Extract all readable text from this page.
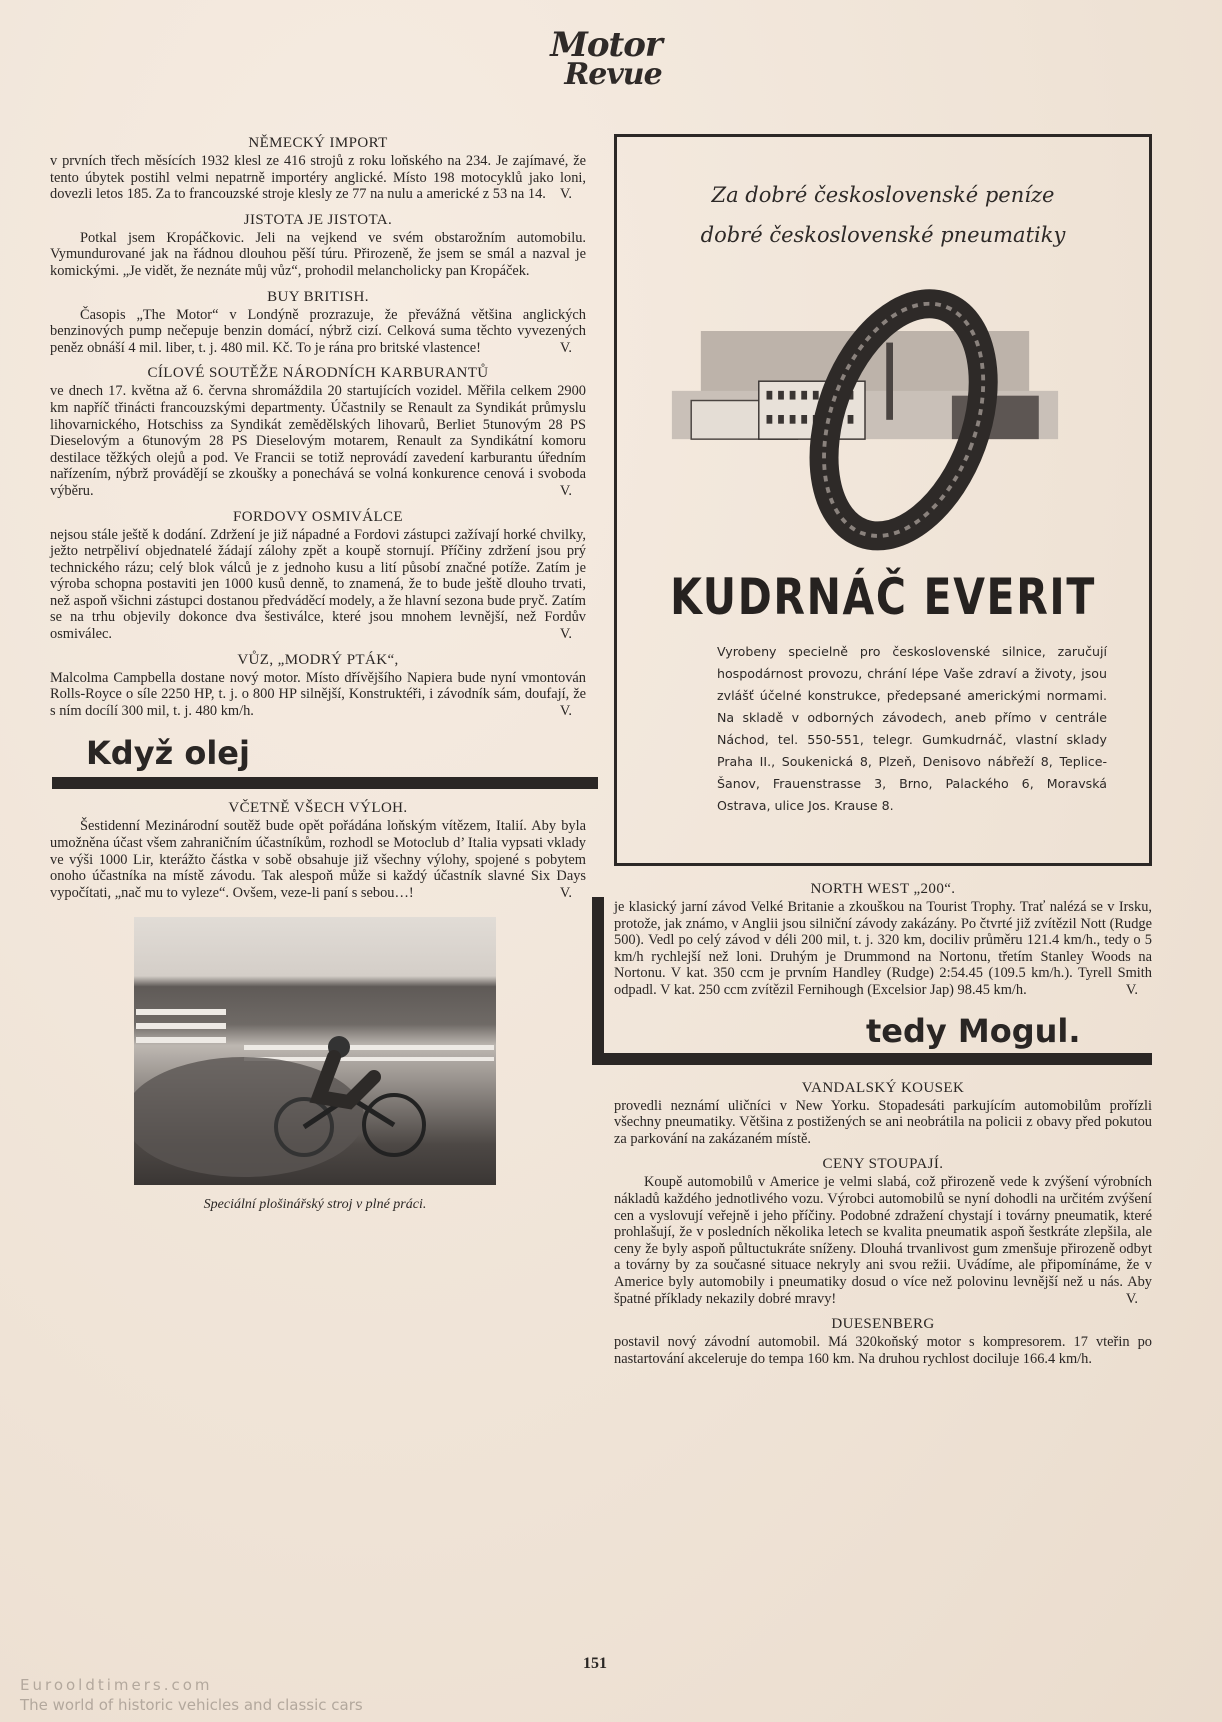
Motor
Revue
NĚMECKÝ IMPORT

v prvních třech měsících 1932 klesl ze 416 strojů z roku loňského na 234. Je zajímavé, že tento úbytek postihl velmi nepatrně importéry anglické. Místo 198 motocyklů jako loni, dovezli letos 185. Za to francouzské stroje klesly ze 77 na nulu a americké z 53 na 14. V.

JISTOTA JE JISTOTA.

Potkal jsem Kropáčkovic. Jeli na vejkend ve svém obstarožním automobilu. Vymundurované jak na řádnou dlouhou pěší túru. Přirozeně, že jsem se smál a nazval je komickými. „Je vidět, že neznáte můj vůz“, prohodil melancholicky pan Kropáček.

BUY BRITISH.

Časopis „The Motor“ v Londýně prozrazuje, že převážná většina anglických benzinových pump nečepuje benzin domácí, nýbrž cizí. Celková suma těchto vyvezených peněz obnáší 4 mil. liber, t. j. 480 mil. Kč. To je rána pro britské vlastence!	V.

CÍLOVÉ SOUTĚŽE NÁRODNÍCH KARBURANTŮ

ve dnech 17. května až 6. června shromáždila 20 startujících vozidel. Měřila celkem 2900 km napříč třinácti francouzskými departmenty. Účastnily se Renault za Syndikát průmyslu lihovarnického, Hotschiss za Syndikát zemědělských lihovarů, Berliet 5tunovým 28 PS Dieselovým a 6tunovým 28 PS Dieselovým motarem, Renault za Syndikátní komoru destilace těžkých olejů a pod. Ve Francii se totiž neprovádí zavedení karburantu úředním nařízením, nýbrž provádějí se zkoušky a ponechává se volná konkurence cenová i svoboda výběru.	V.

FORDOVY OSMIVÁLCE

nejsou stále ještě k dodání. Zdržení je již nápadné a Fordovi zástupci zažívají horké chvilky, ježto netrpěliví objednatelé žádají zálohy zpět a koupě stornují. Příčiny zdržení jsou prý technického rázu; celý blok válců je z jednoho kusu a lití působí značné potíže. Zatím je výroba schopna postaviti jen 1000 kusů denně, to znamená, že to bude ještě dlouho trvati, než aspoň všichni zástupci dostanou předváděcí modely, a že hlavní sezona bude pryč. Zatím se na trhu objevily dokonce dva šestiválce, které jsou mnohem levnější, než Fordův osmiválec.	V.

VŮZ, „MODRÝ PTÁK“,

Malcolma Campbella dostane nový motor. Místo dřívějšího Napiera bude nyní vmontován Rolls-Royce o síle 2250 HP, t. j. o 800 HP silnější, Konstruktéři, i závodník sám, doufají, že s ním docílí 300 mil, t. j. 480 km/h.	V.

Když olej
VČETNĚ VŠECH VÝLOH.

Šestidenní Mezinárodní soutěž bude opět pořádána loňským vítězem, Italií. Aby byla umožněna účast všem zahraničním účastníkům, rozhodl se Motoclub d’ Italia vypsati vklady ve výši 1000 Lir, kterážto částka v sobě obsahuje již všechny výlohy, spojené s pobytem onoho účastníka na místě závodu. Tak alespoň může si každý účastník slavné Six Days vypočítati, „nač mu to vyleze“. Ovšem, veze-li paní s sebou…!	V.

Speciální plošinářský stroj v plné práci.
Za dobré československé peníze
dobré československé pneumatiky
KUDRNÁČ EVERIT
Vyrobeny specielně pro československé silnice, zaručují hospodárnost provozu, chrání lépe Vaše zdraví a životy, jsou zvlášť účelné konstrukce, předepsané americkými normami. Na skladě v odborných závodech, aneb přímo v centrále Náchod, tel. 550-551, telegr. Gumkudrnáč, vlastní sklady Praha II., Soukenická 8, Plzeň, Denisovo nábřeží 8, Teplice-Šanov, Frauenstrasse 3, Brno, Palackého 6, Moravská Ostrava, ulice Jos. Krause 8.
NORTH WEST „200“.

je klasický jarní závod Velké Britanie a zkouškou na Tourist Trophy. Trať nalézá se v Irsku, protože, jak známo, v Anglii jsou silniční závody zakázány. Po čtvrté již zvítězil Nott (Rudge 500). Vedl po celý závod v déli 200 mil, t. j. 320 km, dociliv průměru 121.4 km/h., tedy o 5 km/h rychlejší než loni. Druhým je Drummond na Nortonu, třetím Stanley Woods na Nortonu. V kat. 350 ccm je prvním Handley (Rudge) 2:54.45 (109.5 km/h.). Tyrell Smith odpadl. V kat. 250 ccm zvítězil Fernihough (Excelsior Jap) 98.45 km/h.	V.

tedy Mogul.
VANDALSKÝ KOUSEK

provedli neznámí uličníci v New Yorku. Stopadesáti parkujícím automobilům prořízli všechny pneumatiky. Většina z postižených se ani neobrátila na policii z obavy před pokutou za parkování na zakázaném místě.

CENY STOUPAJÍ.

Koupě automobilů v Americe je velmi slabá, což přirozeně vede k zvýšení výrobních nákladů každého jednotlivého vozu. Výrobci automobilů se nyní dohodli na určitém zvýšení cen a vyslovují veřejně i jeho příčiny. Podobné zdražení chystají i továrny pneumatik, které prohlašují, že v posledních několika letech se kvalita pneumatik aspoň šestkráte zlepšila, ale ceny že byly aspoň půltuctukráte sníženy. Dlouhá trvanlivost gum zmenšuje přirozeně odbyt a továrny by za současné situace nekryly ani svou režii. Uvádíme, ale připomínáme, že v Americe byly automobily i pneumatiky dosud o více než polovinu levnější než u nás. Aby špatné příklady nekazily dobré mravy!	V.

DUESENBERG

postavil nový závodní automobil. Má 320koňský motor s kompresorem. 17 vteřin po nastartování akceleruje do tempa 160 km. Na druhou rychlost dociluje 166.4 km/h.

151
Eurooldtimers.com
The world of historic vehicles and classic cars
